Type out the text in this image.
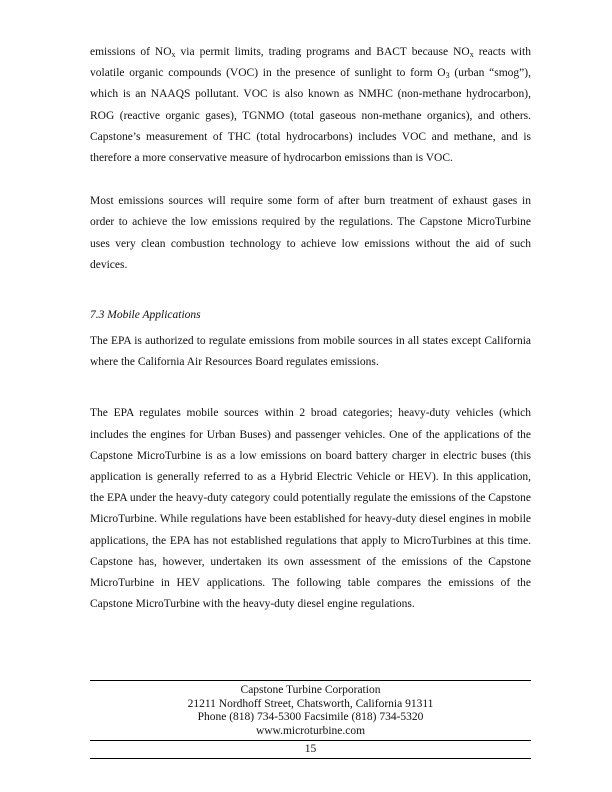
emissions of $NO_x$ via permit limits, trading programs and BACT because $NO_x$ reacts with volatile organic compounds (VOC) in the presence of sunlight to form $O_3$ (urban “smog”), which is an NAAQS pollutant. VOC is also known as NMHC (non-methane hydrocarbon), ROG (reactive organic gases), TGNMO (total gaseous non-methane organics), and others. Capstone’s measurement of THC (total hydrocarbons) includes VOC and methane, and is therefore a more conservative measure of hydrocarbon emissions than is VOC.

Most emissions sources will require some form of after burn treatment of exhaust gases in order to achieve the low emissions required by the regulations. The Capstone MicroTurbine uses very clean combustion technology to achieve low emissions without the aid of such devices.

7.3 Mobile Applications

The EPA is authorized to regulate emissions from mobile sources in all states except California where the California Air Resources Board regulates emissions.

The EPA regulates mobile sources within 2 broad categories; heavy-duty vehicles (which includes the engines for Urban Buses) and passenger vehicles. One of the applications of the Capstone MicroTurbine is as a low emissions on board battery charger in electric buses (this application is generally referred to as a Hybrid Electric Vehicle or HEV). In this application, the EPA under the heavy-duty category could potentially regulate the emissions of the Capstone MicroTurbine. While regulations have been established for heavy-duty diesel engines in mobile applications, the EPA has not established regulations that apply to MicroTurbines at this time. Capstone has, however, undertaken its own assessment of the emissions of the Capstone MicroTurbine in HEV applications. The following table compares the emissions of the Capstone MicroTurbine with the heavy-duty diesel engine regulations.

Capstone Turbine Corporation
21211 Nordhoff Street, Chatsworth, California 91311
Phone (818) 734-5300 Facsimile (818) 734-5320
www.microturbine.com
15
